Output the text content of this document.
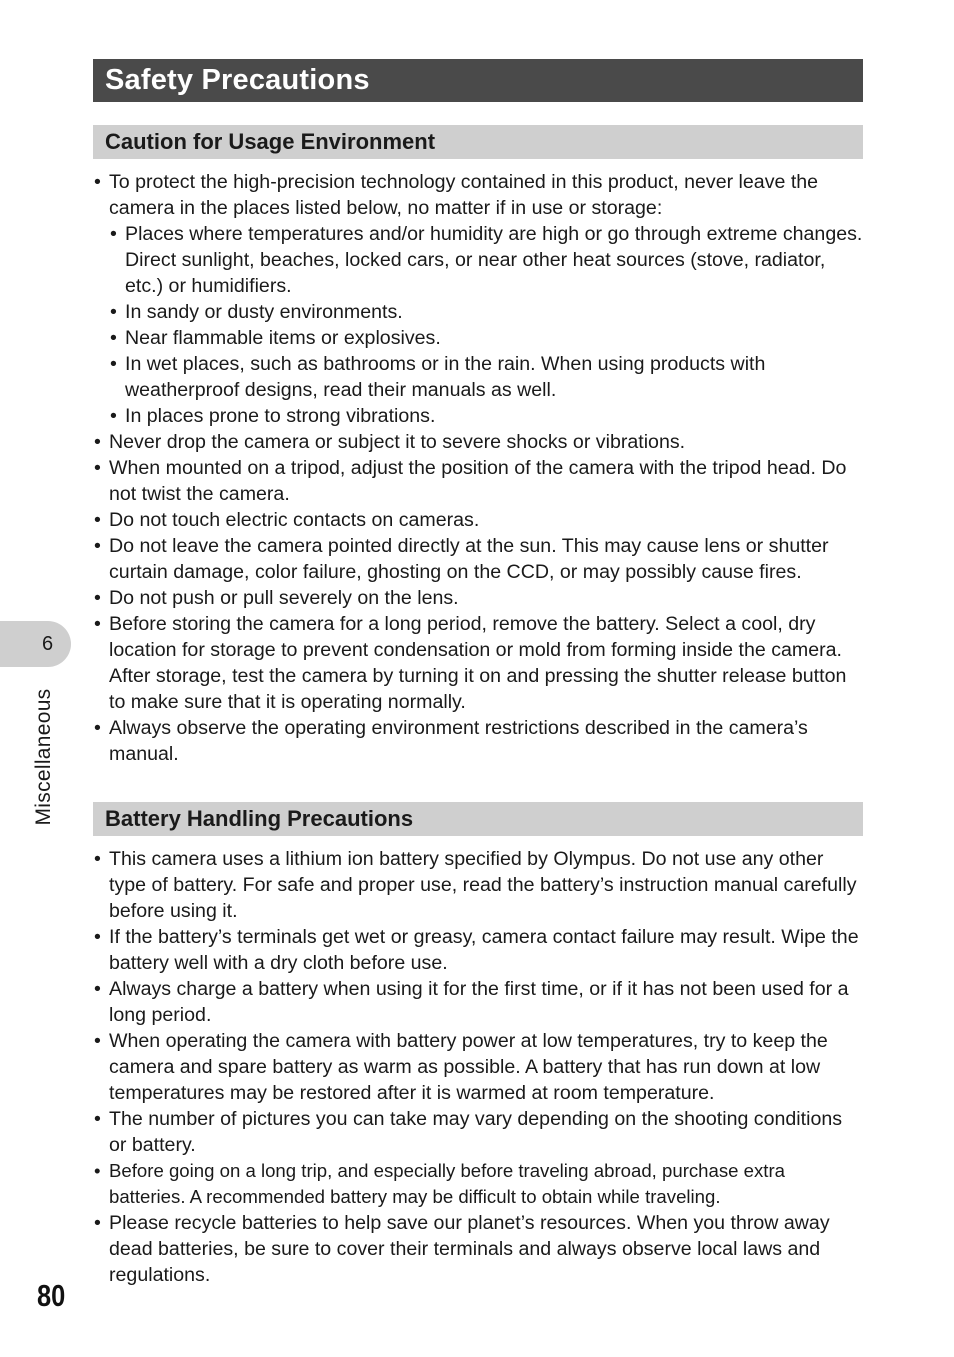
Safety Precautions
Caution for Usage Environment
• To protect the high-precision technology contained in this product, never leave the camera in the places listed below, no matter if in use or storage:
• Places where temperatures and/or humidity are high or go through extreme changes. Direct sunlight, beaches, locked cars, or near other heat sources (stove, radiator, etc.) or humidifiers.
• In sandy or dusty environments.
• Near flammable items or explosives.
• In wet places, such as bathrooms or in the rain. When using products with weatherproof designs, read their manuals as well.
• In places prone to strong vibrations.
• Never drop the camera or subject it to severe shocks or vibrations.
• When mounted on a tripod, adjust the position of the camera with the tripod head. Do not twist the camera.
• Do not touch electric contacts on cameras.
• Do not leave the camera pointed directly at the sun. This may cause lens or shutter curtain damage, color failure, ghosting on the CCD, or may possibly cause fires.
• Do not push or pull severely on the lens.
• Before storing the camera for a long period, remove the battery. Select a cool, dry location for storage to prevent condensation or mold from forming inside the camera. After storage, test the camera by turning it on and pressing the shutter release button to make sure that it is operating normally.
• Always observe the operating environment restrictions described in the camera’s manual.
Battery Handling Precautions
• This camera uses a lithium ion battery specified by Olympus. Do not use any other type of battery. For safe and proper use, read the battery’s instruction manual carefully before using it.
• If the battery’s terminals get wet or greasy, camera contact failure may result. Wipe the battery well with a dry cloth before use.
• Always charge a battery when using it for the first time, or if it has not been used for a long period.
• When operating the camera with battery power at low temperatures, try to keep the camera and spare battery as warm as possible. A battery that has run down at low temperatures may be restored after it is warmed at room temperature.
• The number of pictures you can take may vary depending on the shooting conditions or battery.
• Before going on a long trip, and especially before traveling abroad, purchase extra batteries. A recommended battery may be difficult to obtain while traveling.
• Please recycle batteries to help save our planet’s resources. When you throw away dead batteries, be sure to cover their terminals and always observe local laws and regulations.
6
Miscellaneous
80
